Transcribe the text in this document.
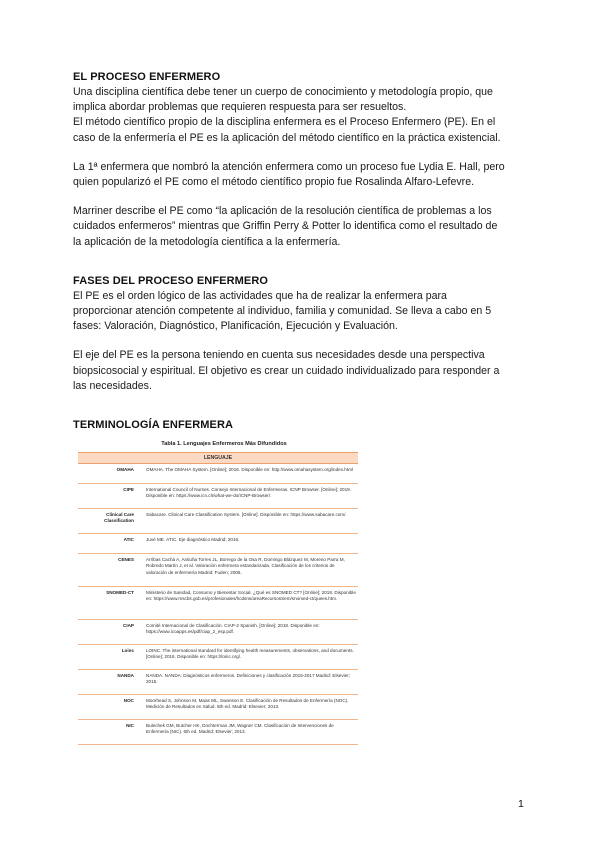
EL PROCESO ENFERMERO

Una disciplina científica debe tener un cuerpo de conocimiento y metodología propio, que

implica abordar problemas que requieren respuesta para ser resueltos.

El método científico propio de la disciplina enfermera es el Proceso Enfermero (PE). En el

caso de la enfermería el PE es la aplicación del método científico en la práctica existencial.

La 1ª enfermera que nombró la atención enfermera como un proceso fue Lydia E. Hall, pero

quien popularizó el PE como el método científico propio fue Rosalinda Alfaro-Lefevre.

Marriner describe el PE como “la aplicación de la resolución científica de problemas a los

cuidados enfermeros” mientras que Griffin Perry & Potter lo identifica como el resultado de

la aplicación de la metodología científica a la enfermería.

FASES DEL PROCESO ENFERMERO

El PE es el orden lógico de las actividades que ha de realizar la enfermera para

proporcionar atención competente al individuo, familia y comunidad. Se lleva a cabo en 5

fases: Valoración, Diagnóstico, Planificación, Ejecución y Evaluación.

El eje del PE es la persona teniendo en cuenta sus necesidades desde una perspectiva

biopsicosocial y espiritual. El objetivo es crear un cuidado individualizado para responder a

las necesidades.

TERMINOLOGÍA ENFERMERA
Tabla 1. Lenguajes Enfermeros Más Difundidos
LENGUAJE	
OMAHA	OMAHA. The OMAHA System. [Online]; 2016. Disponible en: http://www.omahasystem.org/index.html
CIPE	International Council of Nurses. Consejo Internacional de Enfermeras. ICNP Browser. [Online]; 2019. Disponible en: https://www.icn.ch/what-we-do/ICNP-Browser/.
Clinical Care Classification	Sabacare. Clinical Care Classification System. [Online]. Disponible en: https://www.sabacare.com/.
ATIC	Juvé ME. ATIC. Eje diagnóstico Madrid; 2016.
CENES	Arribas Cachá A, Antiuña Torres JL, Borrego de la Osa R, Domingo Blázquez M, Moreno Parra M, Robredo Martín J, et al. Valoración enfermera estandarizada. Clasificación de los criterios de valoración de enfermería Madrid: Fuden; 2006.
SNOMED-CT	Ministerio de Sanidad, Consumo y Bienestar Social. ¿Qué es SNOMED CT? [Online]; 2018. Disponible en: https://www.mscbs.gob.es/profesionales/hcdsns/areaRecursosSem/snomed-ct/quees.htm.
CIAP	Comité Internacional de Clasificación. CIAP-2 Spanish. [Online]; 2018. Disponible en: https://www.icoapps.es/pdf/ciap_2_esp.pdf.
Loinc	LOINC. The international standard for identifying health measurements, observations, and documents. [Online]; 2016. Disponible en: https://loinc.org/.
NANDA	NANDA. NANDA: Diagnósticos enfermeros. Definiciones y clasificación 2015-2017 Madrid: Elsevier; 2015.
NOC	Moorhead S, Johnson M, Maas ML, Swanson E. Clasificación de Resultados de Enfermería (NOC). Medición de Resultados en Salud. 5th ed. Madrid: Elsevier; 2013.
NIC	Bulechek GM, Butcher HK, Dochterman JM, Wagner CM. Clasificación de Intervenciones de Enfermería (NIC). 6th ed. Madrid: Elsevier; 2013.
1
